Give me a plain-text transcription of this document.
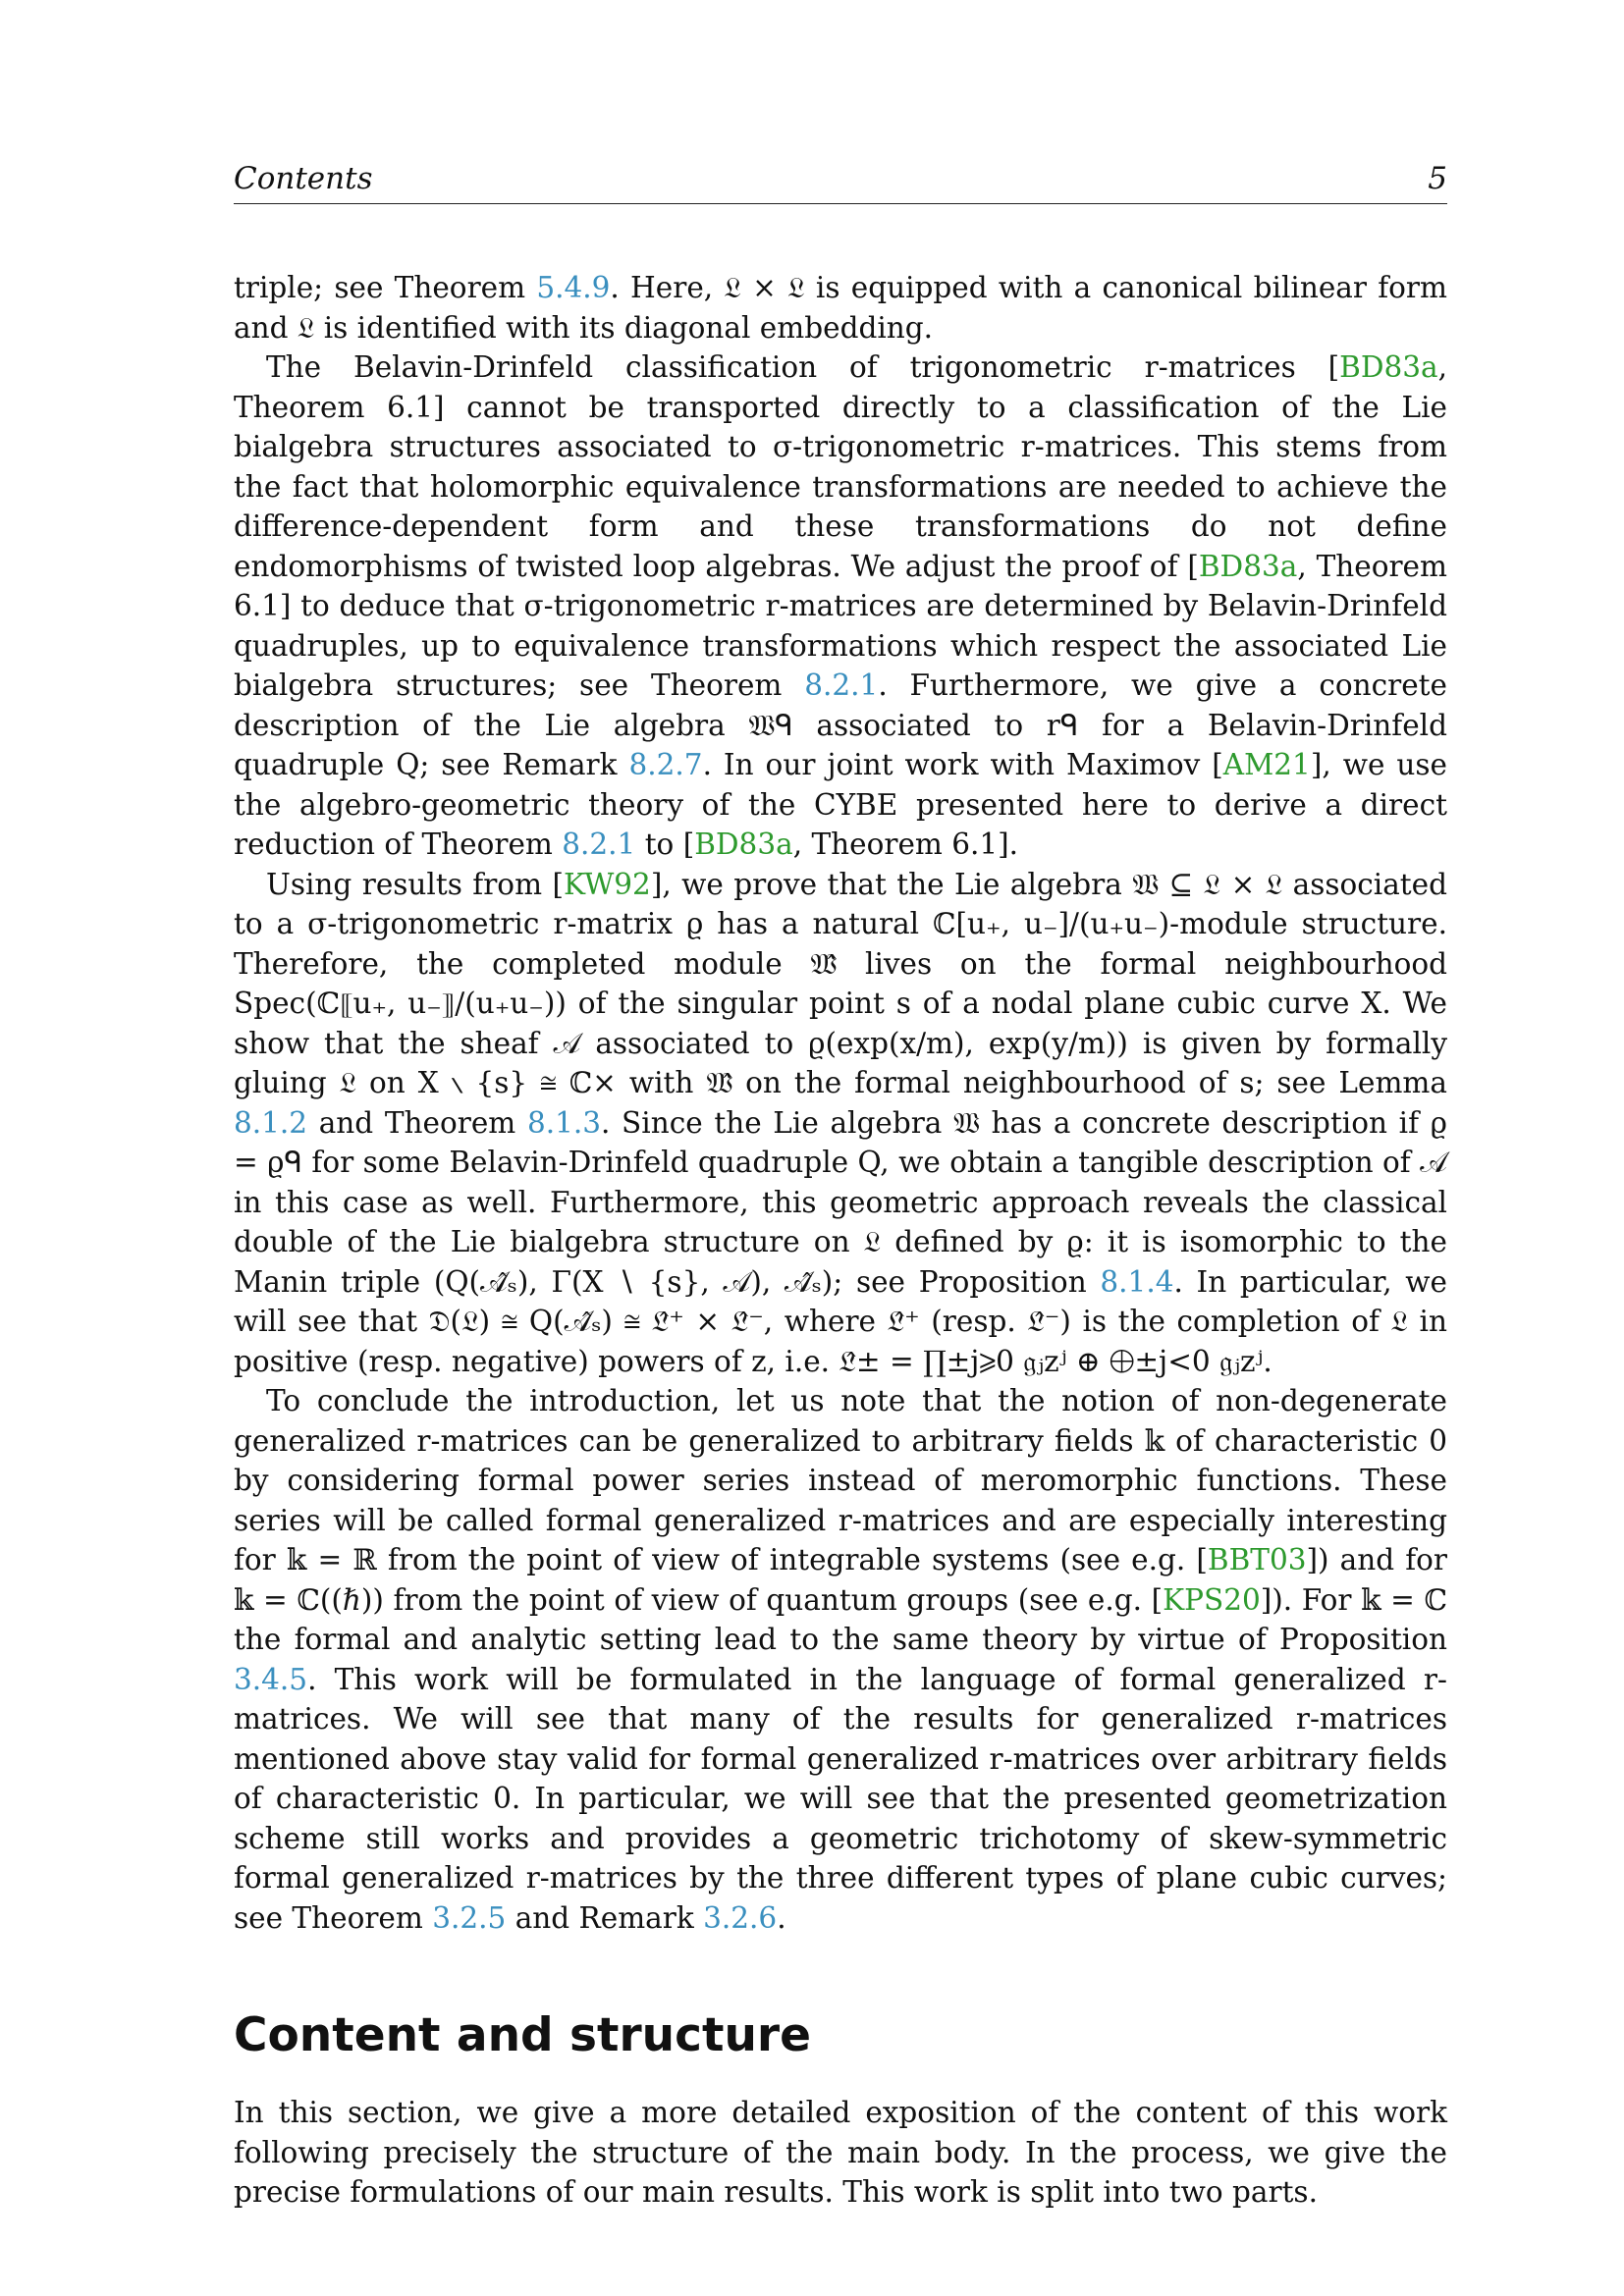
Contents	5

triple; see Theorem 5.4.9. Here, 𝔏 × 𝔏 is equipped with a canonical bilinear form and 𝔏 is identified with its diagonal embedding.

The Belavin-Drinfeld classification of trigonometric r-matrices [BD83a, Theorem 6.1] cannot be transported directly to a classification of the Lie bialgebra structures associated to σ-trigonometric r-matrices. This stems from the fact that holomorphic equivalence transformations are needed to achieve the difference-dependent form and these transformations do not define endomorphisms of twisted loop algebras. We adjust the proof of [BD83a, Theorem 6.1] to deduce that σ-trigonometric r-matrices are determined by Belavin-Drinfeld quadruples, up to equivalence transformations which respect the associated Lie bialgebra structures; see Theorem 8.2.1. Furthermore, we give a concrete description of the Lie algebra 𝔚ᑫ associated to rᑫ for a Belavin-Drinfeld quadruple Q; see Remark 8.2.7. In our joint work with Maximov [AM21], we use the algebro-geometric theory of the CYBE presented here to derive a direct reduction of Theorem 8.2.1 to [BD83a, Theorem 6.1].

Using results from [KW92], we prove that the Lie algebra 𝔚 ⊆ 𝔏 × 𝔏 associated to a σ-trigonometric r-matrix ϱ has a natural ℂ[u₊, u₋]/(u₊u₋)-module structure. Therefore, the completed module 𝔚̂ lives on the formal neighbourhood Spec(ℂ⟦u₊, u₋⟧/(u₊u₋)) of the singular point s of a nodal plane cubic curve X. We show that the sheaf 𝒜 associated to ϱ(exp(x/m), exp(y/m)) is given by formally gluing 𝔏 on X ∖ {s} ≅ ℂ× with 𝔚̂ on the formal neighbourhood of s; see Lemma 8.1.2 and Theorem 8.1.3. Since the Lie algebra 𝔚 has a concrete description if ϱ = ϱᑫ for some Belavin-Drinfeld quadruple Q, we obtain a tangible description of 𝒜 in this case as well. Furthermore, this geometric approach reveals the classical double of the Lie bialgebra structure on 𝔏 defined by ϱ: it is isomorphic to the Manin triple (Q(𝒜̂ₛ), Γ(X ∖ {s}, 𝒜), 𝒜̂ₛ); see Proposition 8.1.4. In particular, we will see that 𝔇(𝔏) ≅ Q(𝒜̂ₛ) ≅ 𝔏̂⁺ × 𝔏̂⁻, where 𝔏̂⁺ (resp. 𝔏̂⁻) is the completion of 𝔏 in positive (resp. negative) powers of z, i.e. 𝔏̂± = ∏±j⩾0 𝔤ⱼzʲ ⊕ ⨁±j<0 𝔤ⱼzʲ.

To conclude the introduction, let us note that the notion of non-degenerate generalized r-matrices can be generalized to arbitrary fields 𝕜 of characteristic 0 by considering formal power series instead of meromorphic functions. These series will be called formal generalized r-matrices and are especially interesting for 𝕜 = ℝ from the point of view of integrable systems (see e.g. [BBT03]) and for 𝕜 = ℂ((ℏ)) from the point of view of quantum groups (see e.g. [KPS20]). For 𝕜 = ℂ the formal and analytic setting lead to the same theory by virtue of Proposition 3.4.5. This work will be formulated in the language of formal generalized r-matrices. We will see that many of the results for generalized r-matrices mentioned above stay valid for formal generalized r-matrices over arbitrary fields of characteristic 0. In particular, we will see that the presented geometrization scheme still works and provides a geometric trichotomy of skew-symmetric formal generalized r-matrices by the three different types of plane cubic curves; see Theorem 3.2.5 and Remark 3.2.6.

Content and structure

In this section, we give a more detailed exposition of the content of this work following precisely the structure of the main body. In the process, we give the precise formulations of our main results. This work is split into two parts.
